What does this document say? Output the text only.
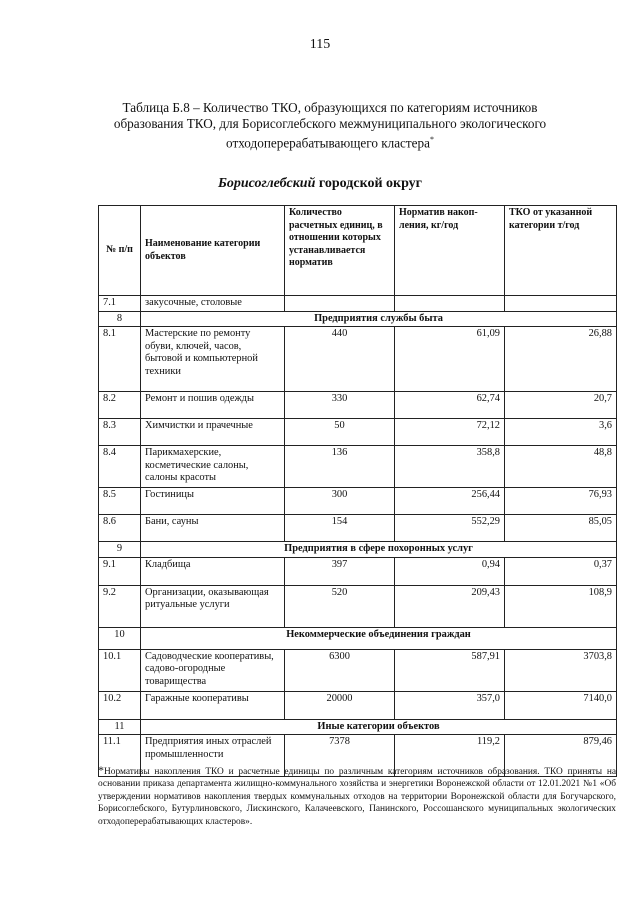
115
Таблица Б.8 – Количество ТКО, образующихся по категориям источников образования ТКО, для Борисоглебского межмуниципального экологического отходоперерабатывающего кластера*
Борисоглебский городской округ
№ п/п	Наименование категории объектов	Количество расчетных единиц, в отношении которых устанавливается норматив	Норматив накоп-ления, кг/год	ТКО от указанной категории т/год
7.1	закусочные, столовые			
8	Предприятия службы быта			
8.1	Мастерские по ремонту обуви, ключей, часов, бытовой и компьютерной техники	440	61,09	26,88
8.2	Ремонт и пошив одежды	330	62,74	20,7
8.3	Химчистки и прачечные	50	72,12	3,6
8.4	Парикмахерские, косметические салоны, салоны красоты	136	358,8	48,8
8.5	Гостиницы	300	256,44	76,93
8.6	Бани, сауны	154	552,29	85,05
9	Предприятия в сфере похоронных услуг			
9.1	Кладбища	397	0,94	0,37
9.2	Организации, оказывающая ритуальные услуги	520	209,43	108,9
10	Некоммерческие объединения граждан			
10.1	Садоводческие кооперативы, садово-огородные товарищества	6300	587,91	3703,8
10.2	Гаражные кооперативы	20000	357,0	7140,0
11	Иные категории объектов			
11.1	Предприятия иных отраслей промышленности	7378	119,2	879,46
*Нормативы накопления ТКО и расчетные единицы по различным категориям источников образования. ТКО приняты на основании приказа департамента жилищно-коммунального хозяйства и энергетики Воронежской области от 12.01.2021 №1 «Об утверждении нормативов накопления твердых коммунальных отходов на территории Воронежской области для Богучарского, Борисоглебского, Бутурлиновского, Лискинского, Калачеевского, Панинского, Россошанского муниципальных экологических отходоперерабатывающих кластеров».
